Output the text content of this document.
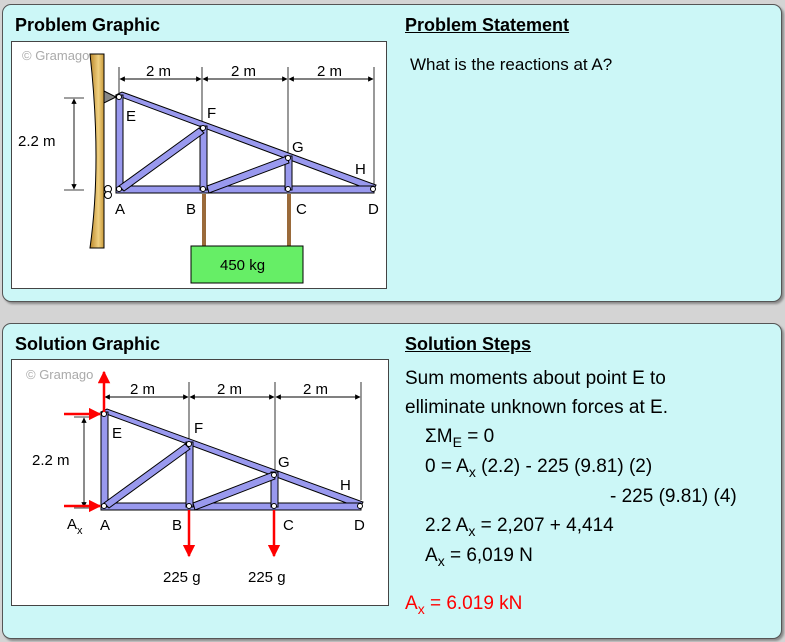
Problem Graphic	Problem Statement
What is the reactions at A?
© Gramago
2 m	2 m	2 m
2.2 m
450 kg
A	B	C	D
E	F
G
H
Solution Graphic	Solution Steps
© Gramago
2 m	2 m	2 m
2.2 m
A	B	C	D
E	F
G
H
$A_x$
225 g	225 g
Sum moments about point E to
elliminate unknown forces at E.
$\Sigma M_E = 0$
$0 = A_x$ (2.2) - 225 (9.81) (2)
- 225 (9.81) (4)
2.2 $A_x = 2,207 + 4,414$
$A_x = 6,019$ N
$A_x = 6.019$ kN
